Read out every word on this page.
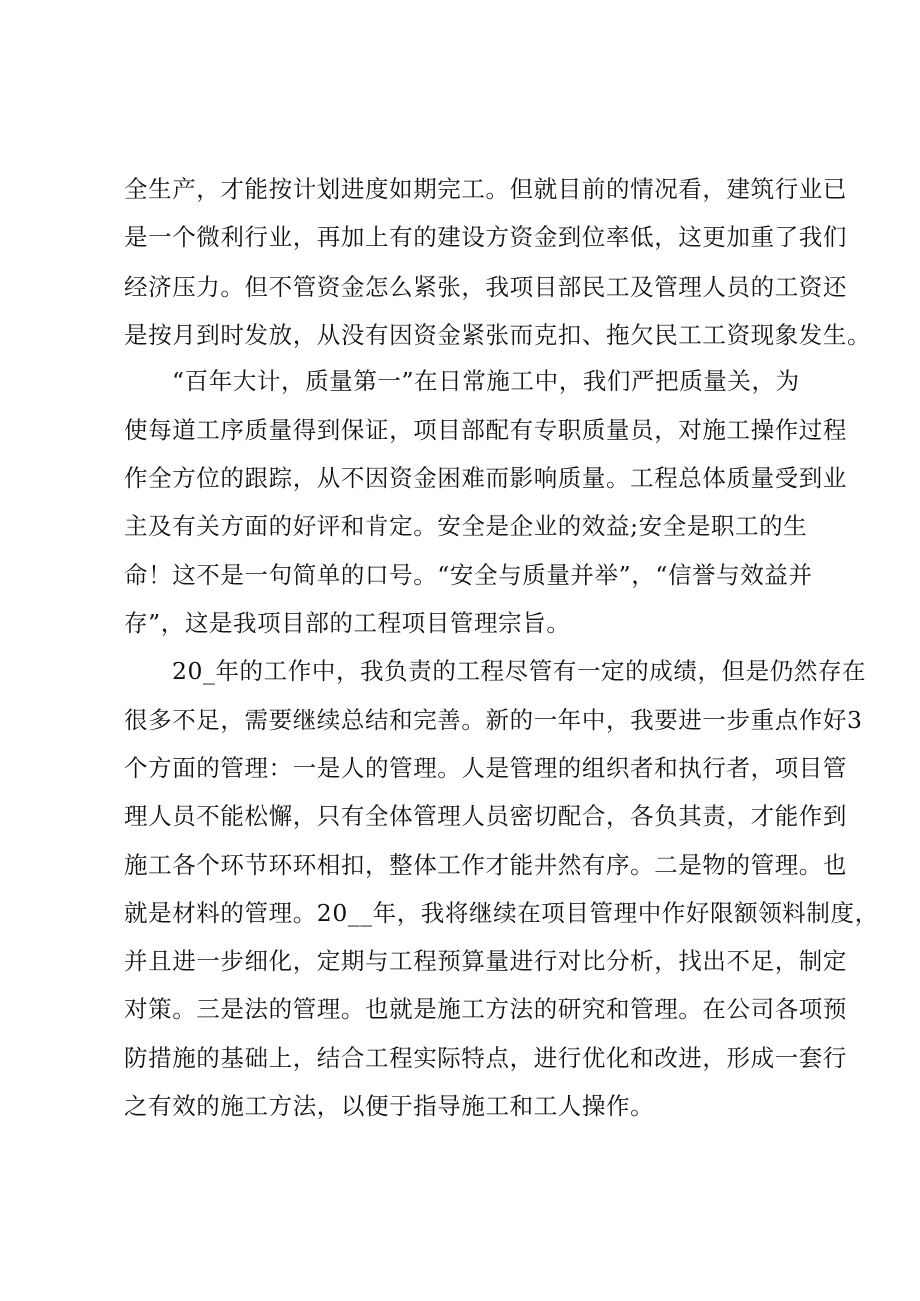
全生产，才能按计划进度如期完工。但就目前的情况看，建筑行业已
是一个微利行业，再加上有的建设方资金到位率低，这更加重了我们
经济压力。但不管资金怎么紧张，我项目部民工及管理人员的工资还
是按月到时发放，从没有因资金紧张而克扣、拖欠民工工资现象发生。
“百年大计，质量第一”在日常施工中，我们严把质量关，为
使每道工序质量得到保证，项目部配有专职质量员，对施工操作过程
作全方位的跟踪，从不因资金困难而影响质量。工程总体质量受到业
主及有关方面的好评和肯定。安全是企业的效益;安全是职工的生
命！这不是一句简单的口号。“安全与质量并举”，“信誉与效益并
存”，这是我项目部的工程项目管理宗旨。
20_年的工作中，我负责的工程尽管有一定的成绩，但是仍然存在
很多不足，需要继续总结和完善。新的一年中，我要进一步重点作好3
个方面的管理：一是人的管理。人是管理的组织者和执行者，项目管
理人员不能松懈，只有全体管理人员密切配合，各负其责，才能作到
施工各个环节环环相扣，整体工作才能井然有序。二是物的管理。也
就是材料的管理。20__年，我将继续在项目管理中作好限额领料制度，
并且进一步细化，定期与工程预算量进行对比分析，找出不足，制定
对策。三是法的管理。也就是施工方法的研究和管理。在公司各项预
防措施的基础上，结合工程实际特点，进行优化和改进，形成一套行
之有效的施工方法，以便于指导施工和工人操作。
